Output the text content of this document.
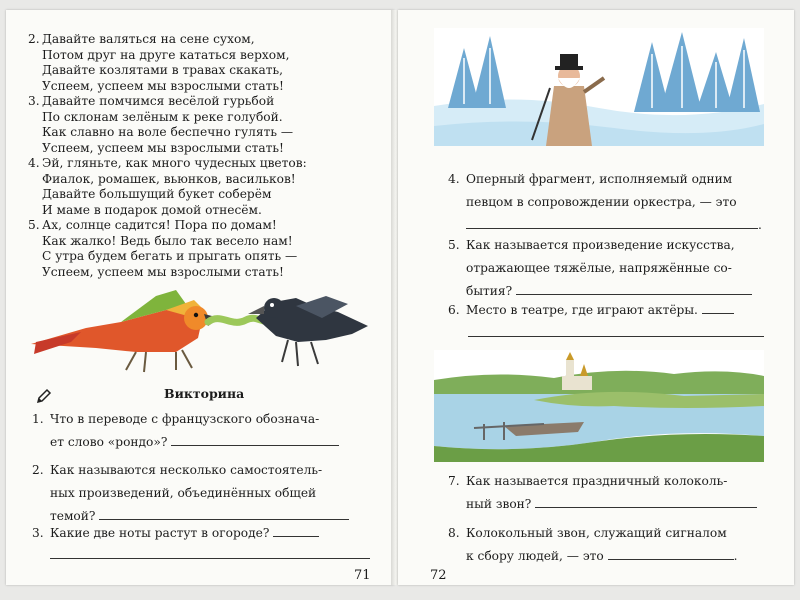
2. Давайте валяться на сене сухом,
Потом друг на друге кататься верхом,
Давайте козлятами в травах скакать,
Успеем, успеем мы взрослыми стать!

3. Давайте помчимся весёлой гурьбой
По склонам зелёным к реке голубой.
Как славно на воле беспечно гулять —
Успеем, успеем мы взрослыми стать!

4. Эй, гляньте, как много чудесных цветов:
Фиалок, ромашек, вьюнков, васильков!
Давайте большущий букет соберём
И маме в подарок домой отнесём.

5. Ах, солнце садится! Пора по домам!
Как жалко! Ведь было так весело нам!
С утра будем бегать и прыгать опять —
Успеем, успеем мы взрослыми стать!

Викторина
1. Что в переводе с французского обознача-
ет слово «рондо»?
2. Как называются несколько самостоятель-
ных произведений, объединённых общей
темой?
3. Какие две ноты растут в огороде?
71
4. Оперный фрагмент, исполняемый одним
певцом в сопровождении оркестра, — это
.
5. Как называется произведение искусства,
отражающее тяжёлые, напряжённые со-
бытия?
6. Место в театре, где играют актёры.
7. Как называется праздничный колоколь-
ный звон?
8. Колокольный звон, служащий сигналом
к сбору людей, — это	.
72
